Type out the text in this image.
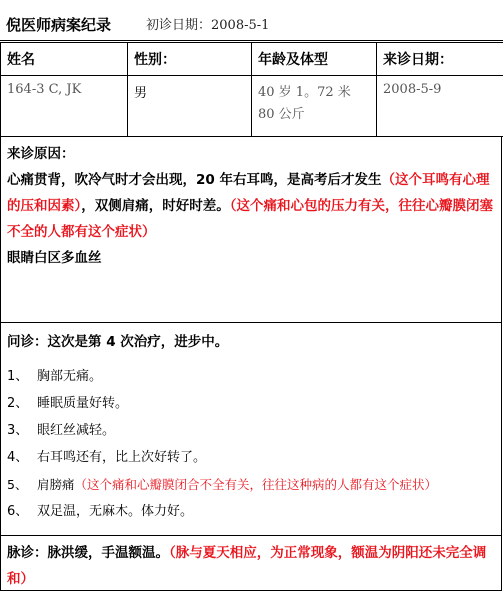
倪医师病案纪录	初诊日期：2008-5-1
姓名	性别：	年龄及体型	来诊日期：
164-3 C, JK	男	40 岁 1。72 米 80 公斤	2008-5-9
来诊原因：
心痛贯背，吹冷气时才会出现，20 年右耳鸣，是高考后才发生（这个耳鸣有心理的压和因素），双侧肩痛，时好时差。（这个痛和心包的压力有关，往往心瓣膜闭塞不全的人都有这个症状）
眼睛白区多血丝
问诊：这次是第 4 次治疗，进步中。
1、 胸部无痛。
2、 睡眠质量好转。
3、 眼红丝减轻。
4、 右耳鸣还有，比上次好转了。
5、 肩膀痛（这个痛和心瓣膜闭合不全有关，往往这种病的人都有这个症状）
6、 双足温，无麻木。体力好。
脉诊：脉洪缓，手温额温。（脉与夏天相应，为正常现象，额温为阴阳还未完全调和）
